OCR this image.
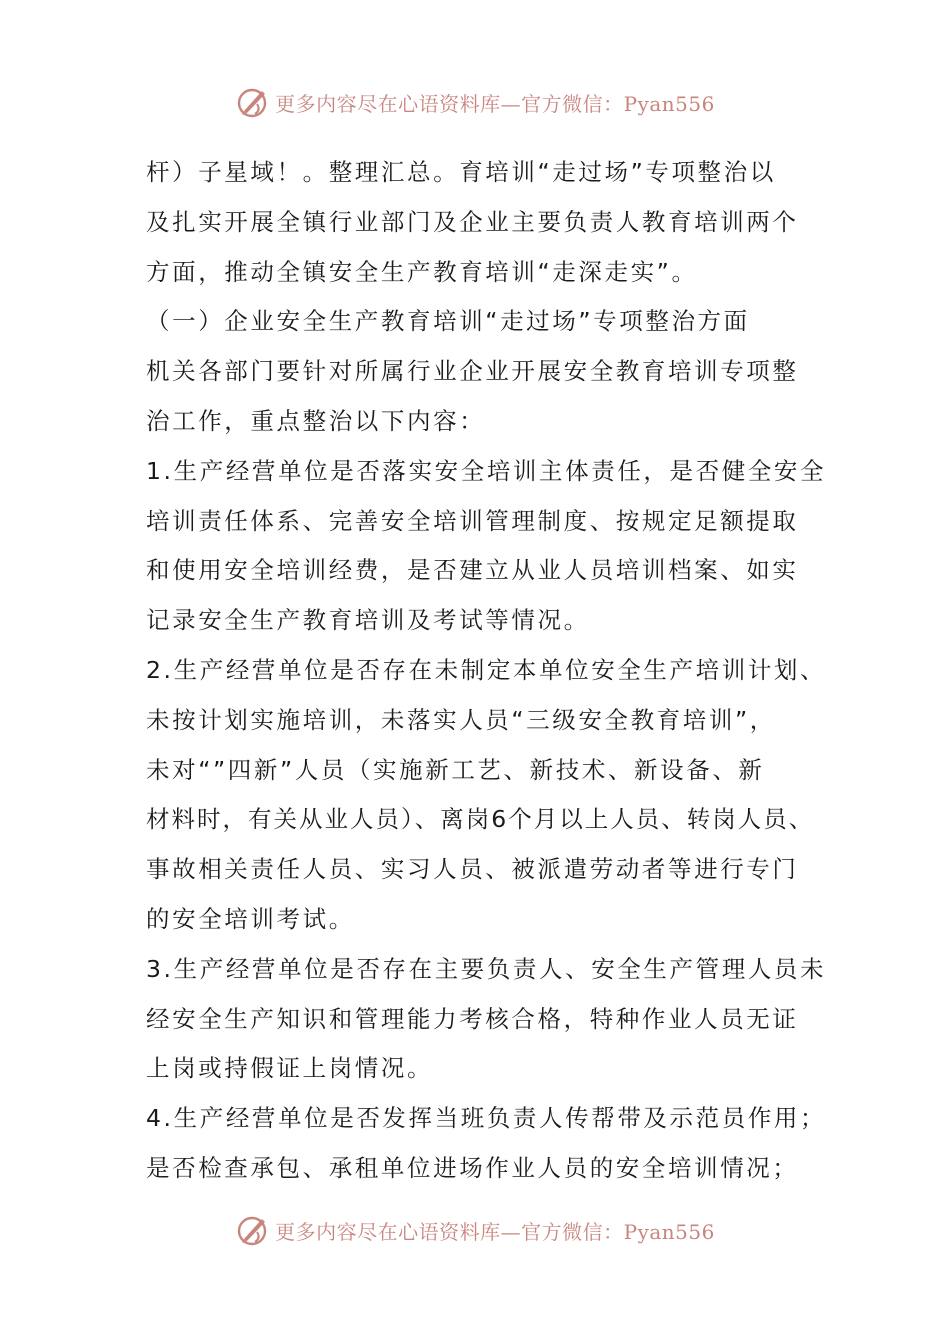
更多内容尽在心语资料库—官方微信：Pyan556
杆）子星域！。整理汇总。育培训“走过场”专项整治以
及扎实开展全镇行业部门及企业主要负责人教育培训两个
方面，推动全镇安全生产教育培训“走深走实”。
（一）企业安全生产教育培训“走过场”专项整治方面
机关各部门要针对所属行业企业开展安全教育培训专项整
治工作，重点整治以下内容：
1.生产经营单位是否落实安全培训主体责任，是否健全安全
培训责任体系、完善安全培训管理制度、按规定足额提取
和使用安全培训经费，是否建立从业人员培训档案、如实
记录安全生产教育培训及考试等情况。
2.生产经营单位是否存在未制定本单位安全生产培训计划、
未按计划实施培训，未落实人员“三级安全教育培训”，
未对“”四新”人员（实施新工艺、新技术、新设备、新
材料时，有关从业人员）、离岗6个月以上人员、转岗人员、
事故相关责任人员、实习人员、被派遣劳动者等进行专门
的安全培训考试。
3.生产经营单位是否存在主要负责人、安全生产管理人员未
经安全生产知识和管理能力考核合格，特种作业人员无证
上岗或持假证上岗情况。
4.生产经营单位是否发挥当班负责人传帮带及示范员作用；
是否检查承包、承租单位进场作业人员的安全培训情况；
更多内容尽在心语资料库—官方微信：Pyan556
